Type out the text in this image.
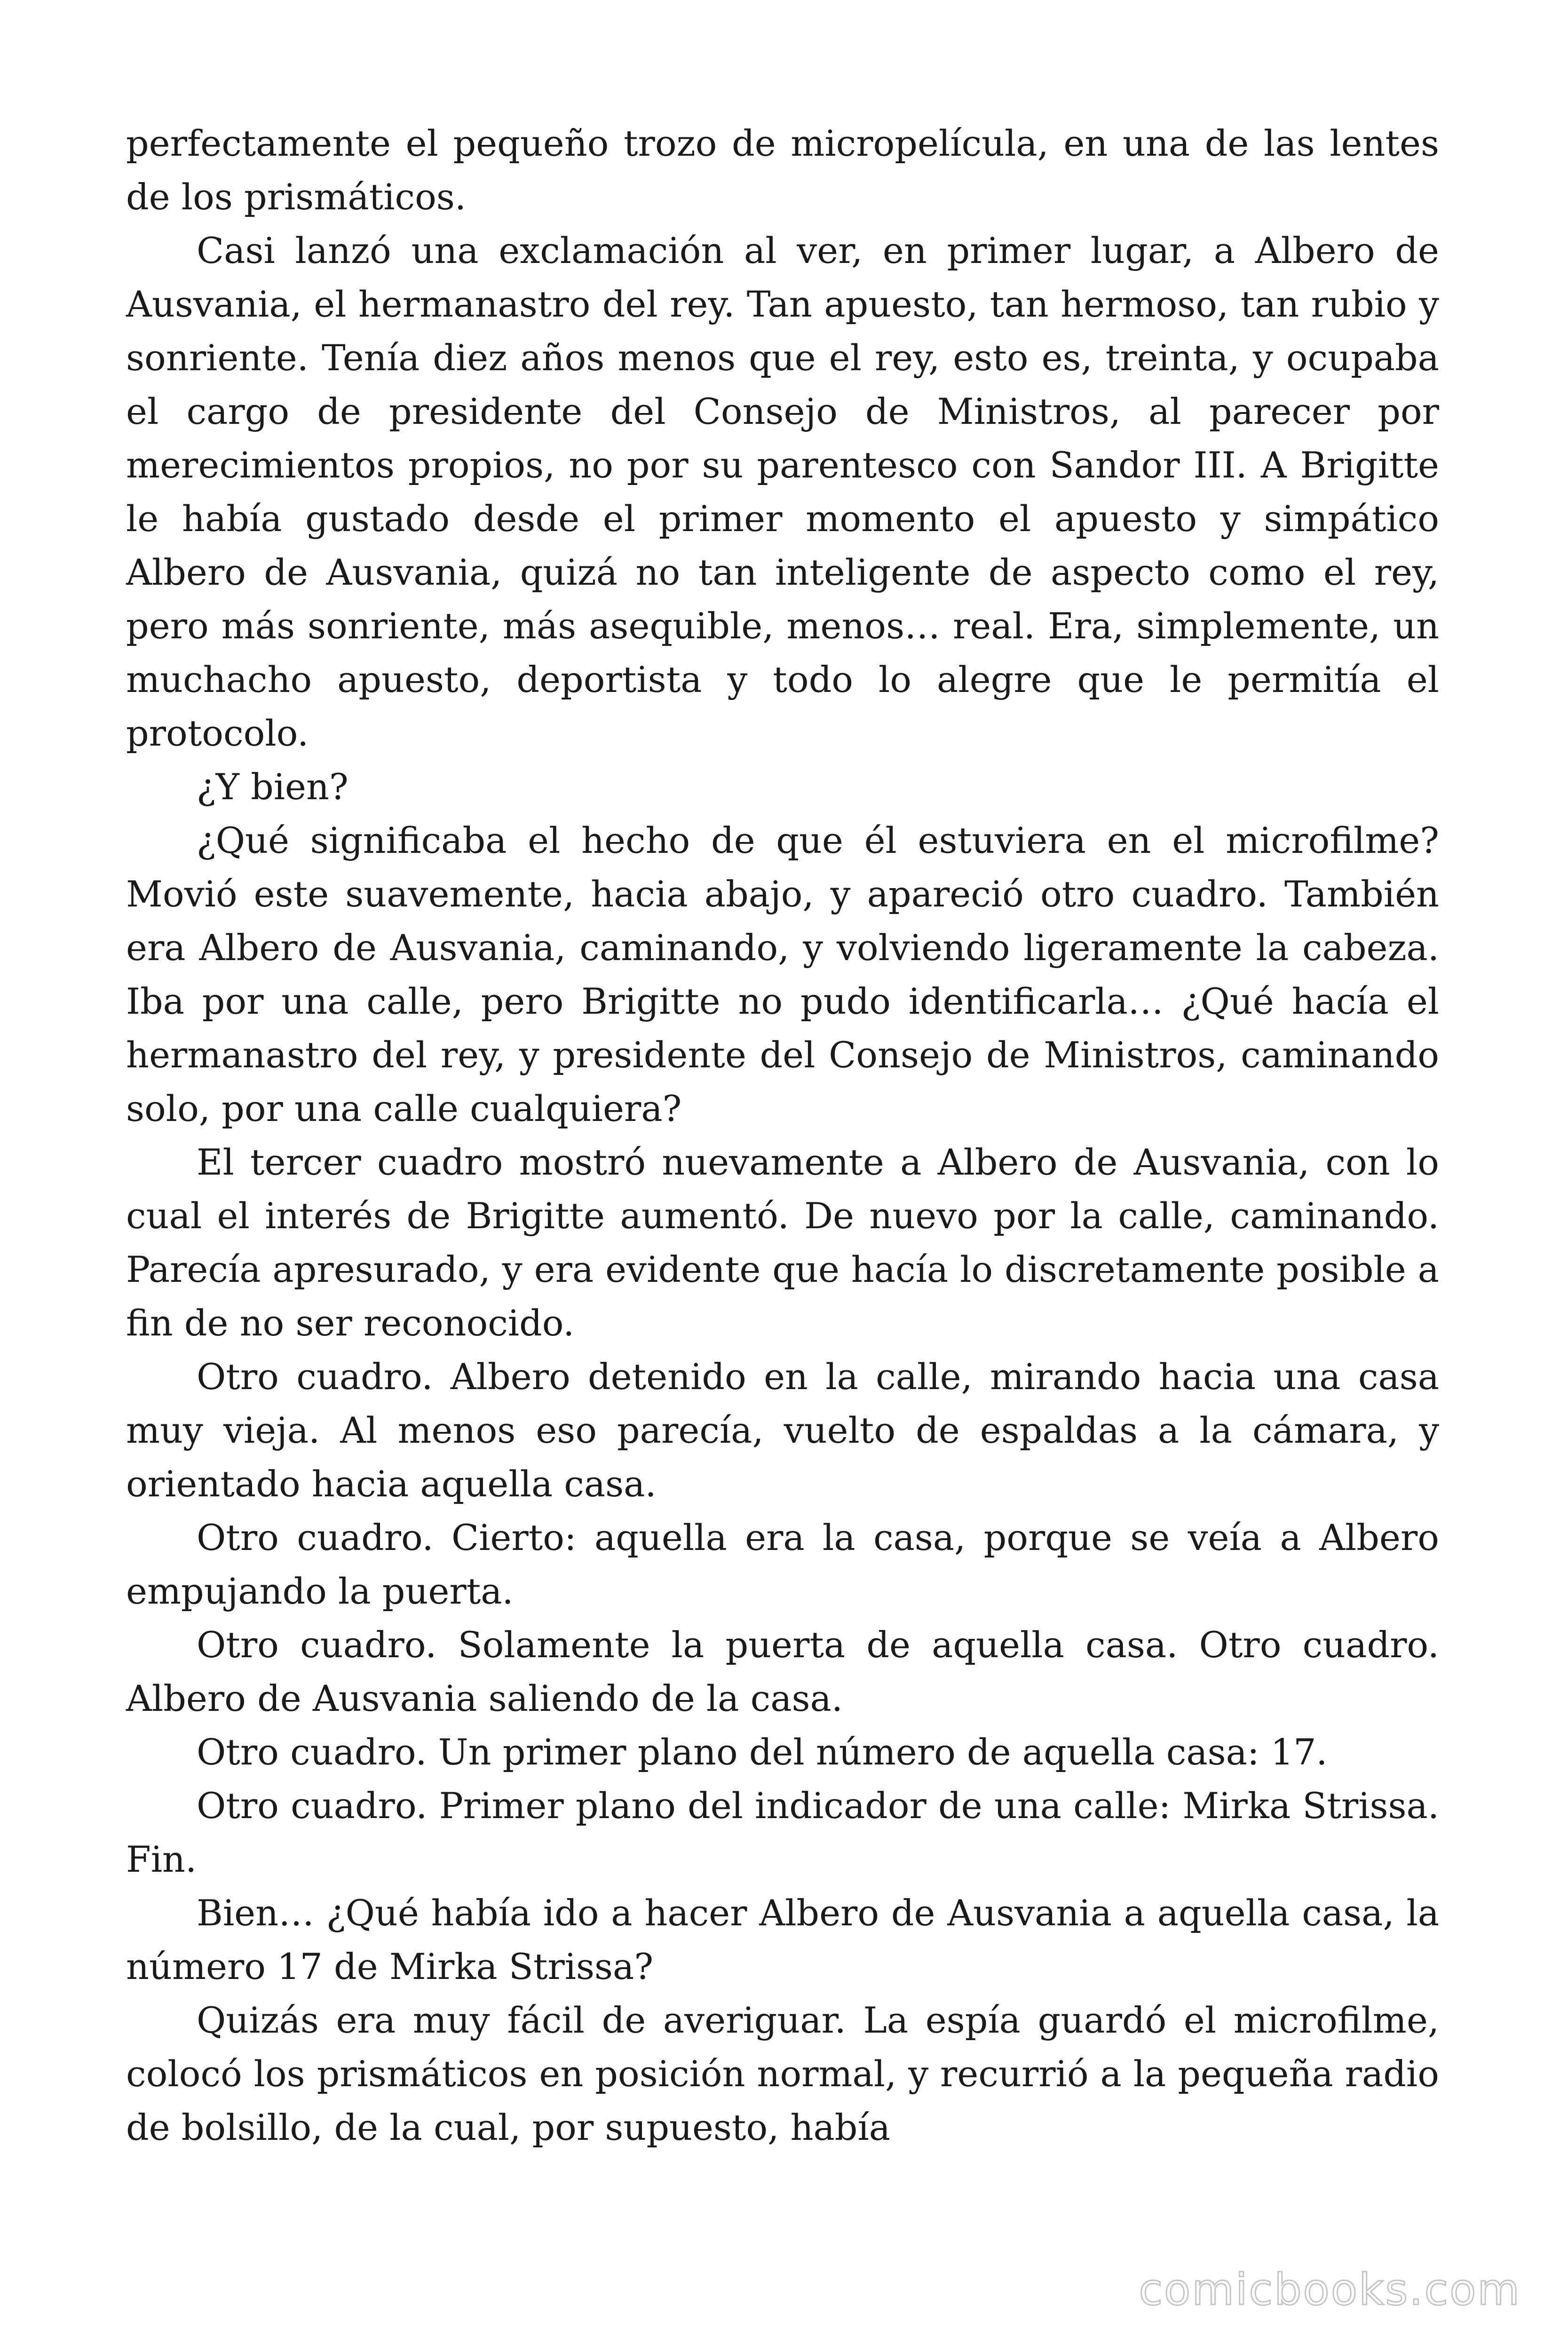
perfectamente el pequeño trozo de micropelícula, en una de las lentes de los prismáticos.

Casi lanzó una exclamación al ver, en primer lugar, a Albero de Ausvania, el hermanastro del rey. Tan apuesto, tan hermoso, tan rubio y sonriente. Tenía diez años menos que el rey, esto es, treinta, y ocupaba el cargo de presidente del Consejo de Ministros, al parecer por merecimientos propios, no por su parentesco con Sandor III. A Brigitte le había gustado desde el primer momento el apuesto y simpático Albero de Ausvania, quizá no tan inteligente de aspecto como el rey, pero más sonriente, más asequible, menos… real. Era, simplemente, un muchacho apuesto, deportista y todo lo alegre que le permitía el protocolo.

¿Y bien?

¿Qué significaba el hecho de que él estuviera en el microfilme? Movió este suavemente, hacia abajo, y apareció otro cuadro. También era Albero de Ausvania, caminando, y volviendo ligeramente la cabeza. Iba por una calle, pero Brigitte no pudo identificarla… ¿Qué hacía el hermanastro del rey, y presidente del Consejo de Ministros, caminando solo, por una calle cualquiera?

El tercer cuadro mostró nuevamente a Albero de Ausvania, con lo cual el interés de Brigitte aumentó. De nuevo por la calle, caminando. Parecía apresurado, y era evidente que hacía lo discretamente posible a fin de no ser reconocido.

Otro cuadro. Albero detenido en la calle, mirando hacia una casa muy vieja. Al menos eso parecía, vuelto de espaldas a la cámara, y orientado hacia aquella casa.

Otro cuadro. Cierto: aquella era la casa, porque se veía a Albero empujando la puerta.

Otro cuadro. Solamente la puerta de aquella casa. Otro cuadro. Albero de Ausvania saliendo de la casa.

Otro cuadro. Un primer plano del número de aquella casa: 17.

Otro cuadro. Primer plano del indicador de una calle: Mirka Strissa. Fin.

Bien… ¿Qué había ido a hacer Albero de Ausvania a aquella casa, la número 17 de Mirka Strissa?

Quizás era muy fácil de averiguar. La espía guardó el microfilme, colocó los prismáticos en posición normal, y recurrió a la pequeña radio de bolsillo, de la cual, por supuesto, había

comicbooks.com
